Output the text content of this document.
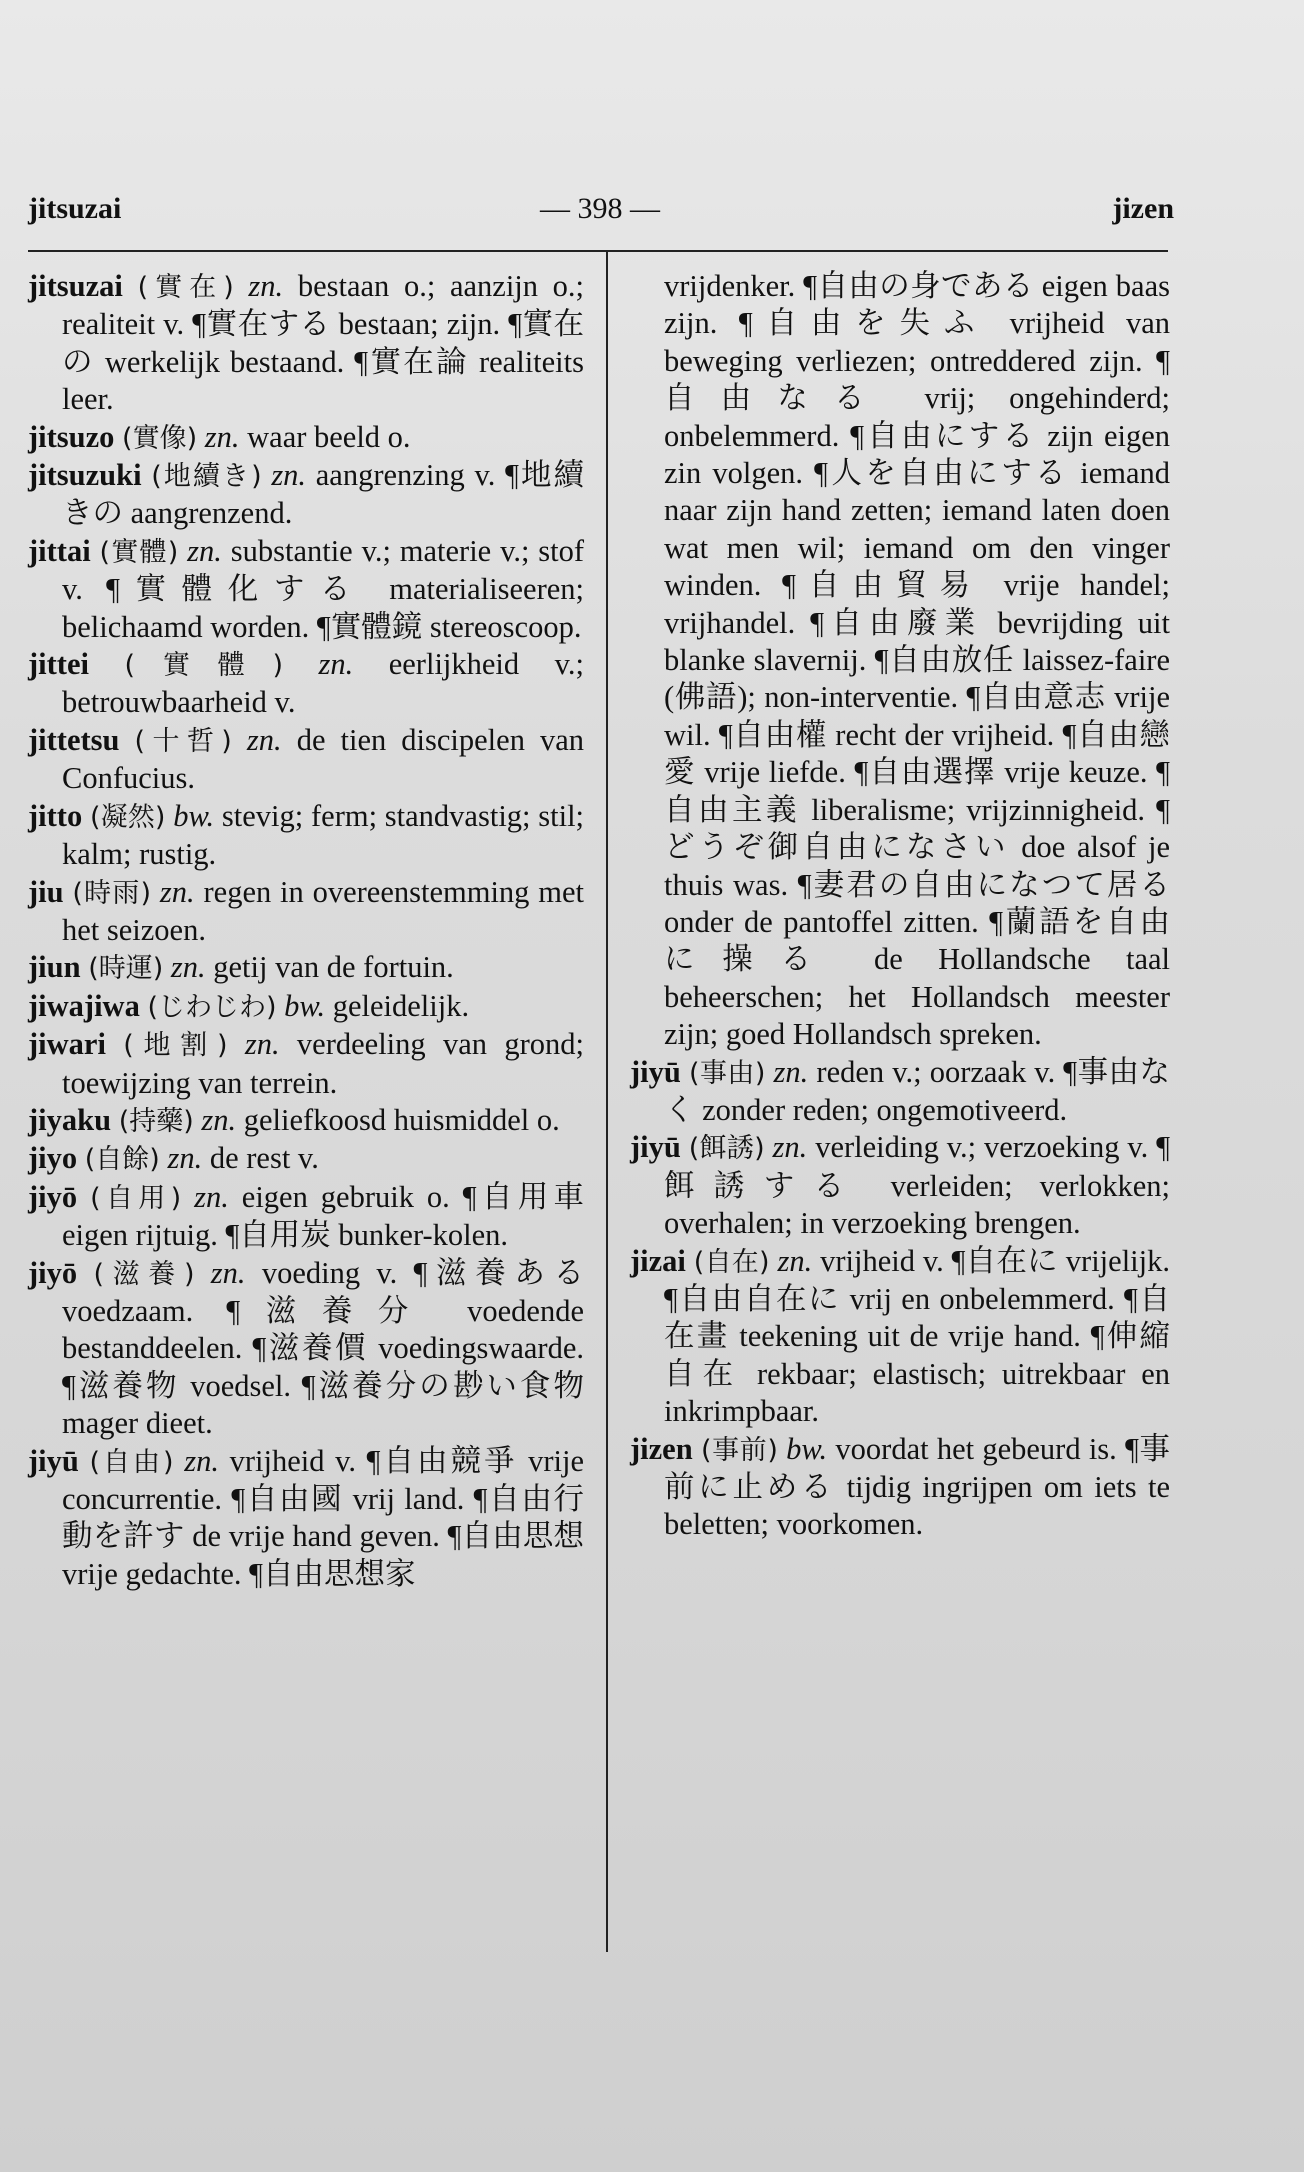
jitsuzai	— 398 —	jizen

jitsuzai (實在) zn. bestaan o.; aanzijn o.; realiteit v. ¶實在する bestaan; zijn. ¶實在の werkelijk bestaand. ¶實在論 realiteits leer.

jitsuzo (實像) zn. waar beeld o.

jitsuzuki (地續き) zn. aangrenzing v. ¶地續きの aangrenzend.

jittai (實體) zn. substantie v.; materie v.; stof v. ¶實體化する materialiseeren; belichaamd worden. ¶實體鏡 stereoscoop.

jittei (實體) zn. eerlijkheid v.; betrouwbaarheid v.

jittetsu (十哲) zn. de tien discipelen van Confucius.

jitto (凝然) bw. stevig; ferm; standvastig; stil; kalm; rustig.

jiu (時雨) zn. regen in overeenstemming met het seizoen.

jiun (時運) zn. getij van de fortuin.

jiwajiwa (じわじわ) bw. geleidelijk.

jiwari (地割) zn. verdeeling van grond; toewijzing van terrein.

jiyaku (持藥) zn. geliefkoosd huismiddel o.

jiyo (自餘) zn. de rest v.

jiyō (自用) zn. eigen gebruik o. ¶自用車 eigen rijtuig. ¶自用炭 bunker-kolen.

jiyō (滋養) zn. voeding v. ¶滋養ある voedzaam. ¶滋養分 voedende bestanddeelen. ¶滋養價 voedingswaarde. ¶滋養物 voedsel. ¶滋養分の尠い食物 mager dieet.

jiyū (自由) zn. vrijheid v. ¶自由競爭 vrije concurrentie. ¶自由國 vrij land. ¶自由行動を許す de vrije hand geven. ¶自由思想 vrije gedachte. ¶自由思想家

vrijdenker. ¶自由の身である eigen baas zijn. ¶自由を失ふ vrijheid van beweging verliezen; ontreddered zijn. ¶自由なる vrij; ongehinderd; onbelemmerd. ¶自由にする zijn eigen zin volgen. ¶人を自由にする iemand naar zijn hand zetten; iemand laten doen wat men wil; iemand om den vinger winden. ¶自由貿易 vrije handel; vrijhandel. ¶自由廢業 bevrijding uit blanke slavernij. ¶自由放任 laissez-faire (佛語); non-interventie. ¶自由意志 vrije wil. ¶自由權 recht der vrijheid. ¶自由戀愛 vrije liefde. ¶自由選擇 vrije keuze. ¶自由主義 liberalisme; vrijzinnigheid. ¶どうぞ御自由になさい doe alsof je thuis was. ¶妻君の自由になつて居る onder de pantoffel zitten. ¶蘭語を自由に操る de Hollandsche taal beheerschen; het Hollandsch meester zijn; goed Hollandsch spreken.

jiyū (事由) zn. reden v.; oorzaak v. ¶事由なく zonder reden; ongemotiveerd.

jiyū (餌誘) zn. verleiding v.; verzoeking v. ¶餌誘する verleiden; verlokken; overhalen; in verzoeking brengen.

jizai (自在) zn. vrijheid v. ¶自在に vrijelijk. ¶自由自在に vrij en onbelemmerd. ¶自在畫 teekening uit de vrije hand. ¶伸縮自在 rekbaar; elastisch; uitrekbaar en inkrimpbaar.

jizen (事前) bw. voordat het gebeurd is. ¶事前に止める tijdig ingrijpen om iets te beletten; voorkomen.
